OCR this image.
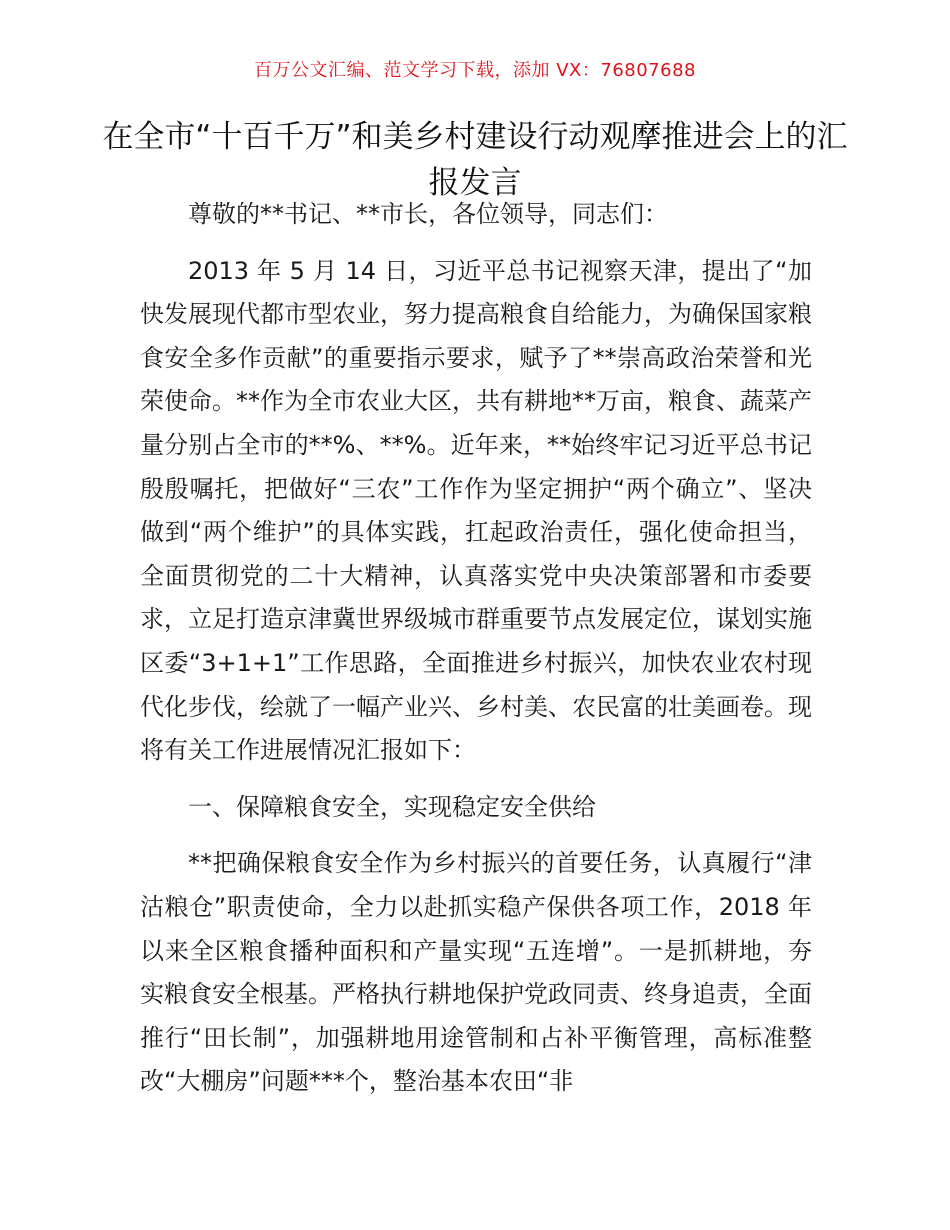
百万公文汇编、范文学习下载，添加 VX：76807688
在全市“十百千万”和美乡村建设行动观摩推进会上的汇报发言

尊敬的**书记、**市长，各位领导，同志们：

2013 年 5 月 14 日，习近平总书记视察天津，提出了“加快发展现代都市型农业，努力提高粮食自给能力，为确保国家粮食安全多作贡献”的重要指示要求，赋予了**崇高政治荣誉和光荣使命。**作为全市农业大区，共有耕地**万亩，粮食、蔬菜产量分别占全市的**%、**%。近年来，**始终牢记习近平总书记殷殷嘱托，把做好“三农”工作作为坚定拥护“两个确立”、坚决做到“两个维护”的具体实践，扛起政治责任，强化使命担当，全面贯彻党的二十大精神，认真落实党中央决策部署和市委要求，立足打造京津冀世界级城市群重要节点发展定位，谋划实施区委“3+1+1”工作思路，全面推进乡村振兴，加快农业农村现代化步伐，绘就了一幅产业兴、乡村美、农民富的壮美画卷。现将有关工作进展情况汇报如下：

一、保障粮食安全，实现稳定安全供给

**把确保粮食安全作为乡村振兴的首要任务，认真履行“津沽粮仓”职责使命，全力以赴抓实稳产保供各项工作，2018 年以来全区粮食播种面积和产量实现“五连增”。一是抓耕地，夯实粮食安全根基。严格执行耕地保护党政同责、终身追责，全面推行“田长制”，加强耕地用途管制和占补平衡管理，高标准整改“大棚房”问题***个，整治基本农田“非
